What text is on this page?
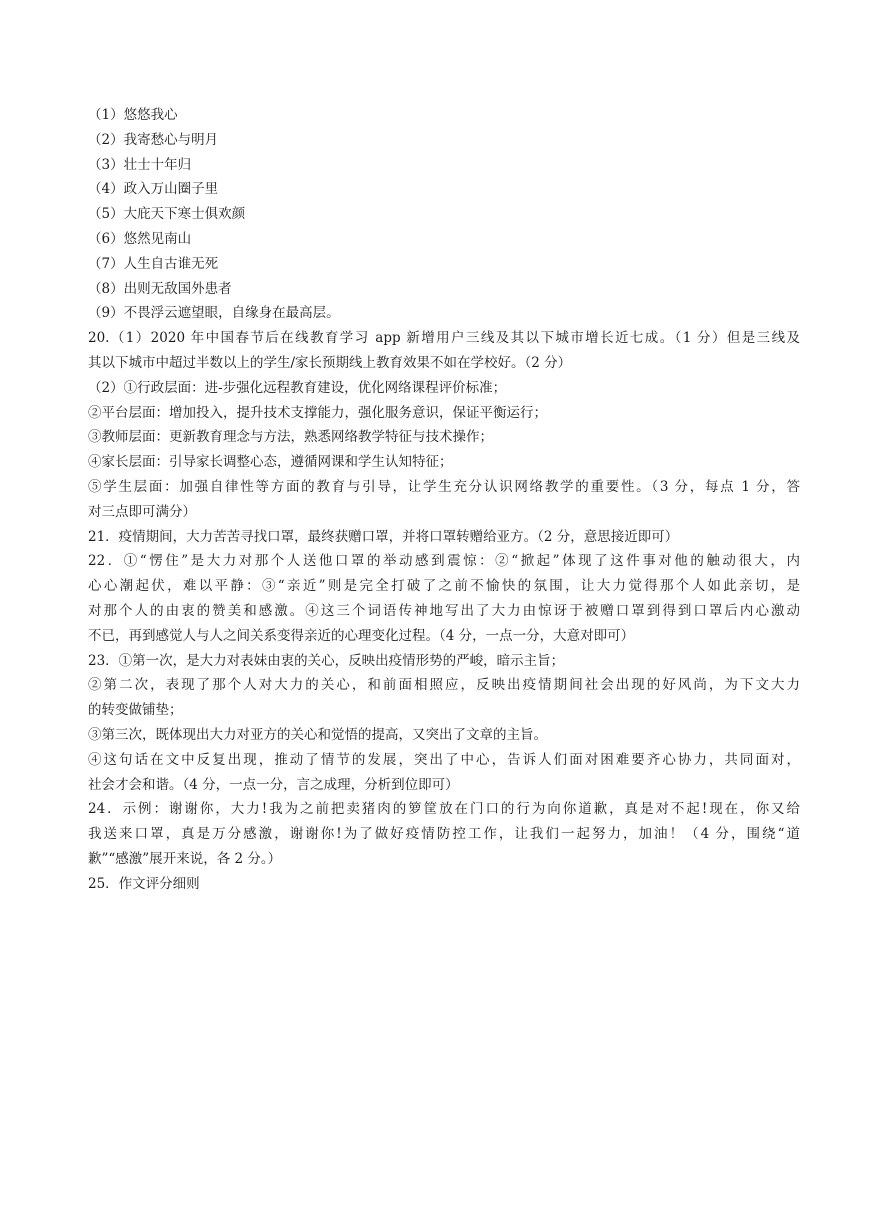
（1）悠悠我心
（2）我寄愁心与明月
（3）壮士十年归
（4）政入万山圈子里
（5）大庇天下寒士俱欢颜
（6）悠然见南山
（7）人生自古谁无死
（8）出则无敌国外患者
（9）不畏浮云遮望眼，自缘身在最高层。
20.（1）2020 年中国春节后在线教育学习 app 新增用户三线及其以下城市增长近七成。（1 分）但是三线及
其以下城市中超过半数以上的学生/家长预期线上教育效果不如在学校好。（2 分）
（2）①行政层面：进-步强化远程教育建设，优化网络课程评价标准；
②平台层面：增加投入，提升技术支撑能力，强化服务意识，保证平衡运行；
③教师层面：更新教育理念与方法，熟悉网络教学特征与技术操作；
④家长层面：引导家长调整心态，遵循网课和学生认知特征；
⑤学生层面：加强自律性等方面的教育与引导，让学生充分认识网络教学的重要性。（3 分，每点 1 分，答
对三点即可满分）
21．疫情期间，大力苦苦寻找口罩，最终获赠口罩，并将口罩转赠给亚方。（2 分，意思接近即可）
22．①“愣住”是大力对那个人送他口罩的举动感到震惊：②“掀起”体现了这件事对他的触动很大，内
心心潮起伏，难以平静：③“亲近”则是完全打破了之前不愉快的氛围，让大力觉得那个人如此亲切，是
对那个人的由衷的赞美和感激。④这三个词语传神地写出了大力由惊讶于被赠口罩到得到口罩后内心激动
不已，再到感觉人与人之间关系变得亲近的心理变化过程。（4 分，一点一分，大意对即可）
23．①第一次，是大力对表妹由衷的关心，反映出疫情形势的严峻，暗示主旨；
②第二次，表现了那个人对大力的关心，和前面相照应，反映出疫情期间社会出现的好风尚，为下文大力
的转变做铺垫；
③第三次，既体现出大力对亚方的关心和觉悟的提高，又突出了文章的主旨。
④这句话在文中反复出现，推动了情节的发展，突出了中心，告诉人们面对困难要齐心协力，共同面对，
社会才会和谐。（4 分，一点一分，言之成理，分析到位即可）
24．示例：谢谢你，大力!我为之前把卖猪肉的箩筐放在门口的行为向你道歉，真是对不起!现在，你又给
我送来口罩，真是万分感激，谢谢你!为了做好疫情防控工作，让我们一起努力，加油！（4 分，围绕“道
歉”“感激”展开来说，各 2 分。）
25．作文评分细则
